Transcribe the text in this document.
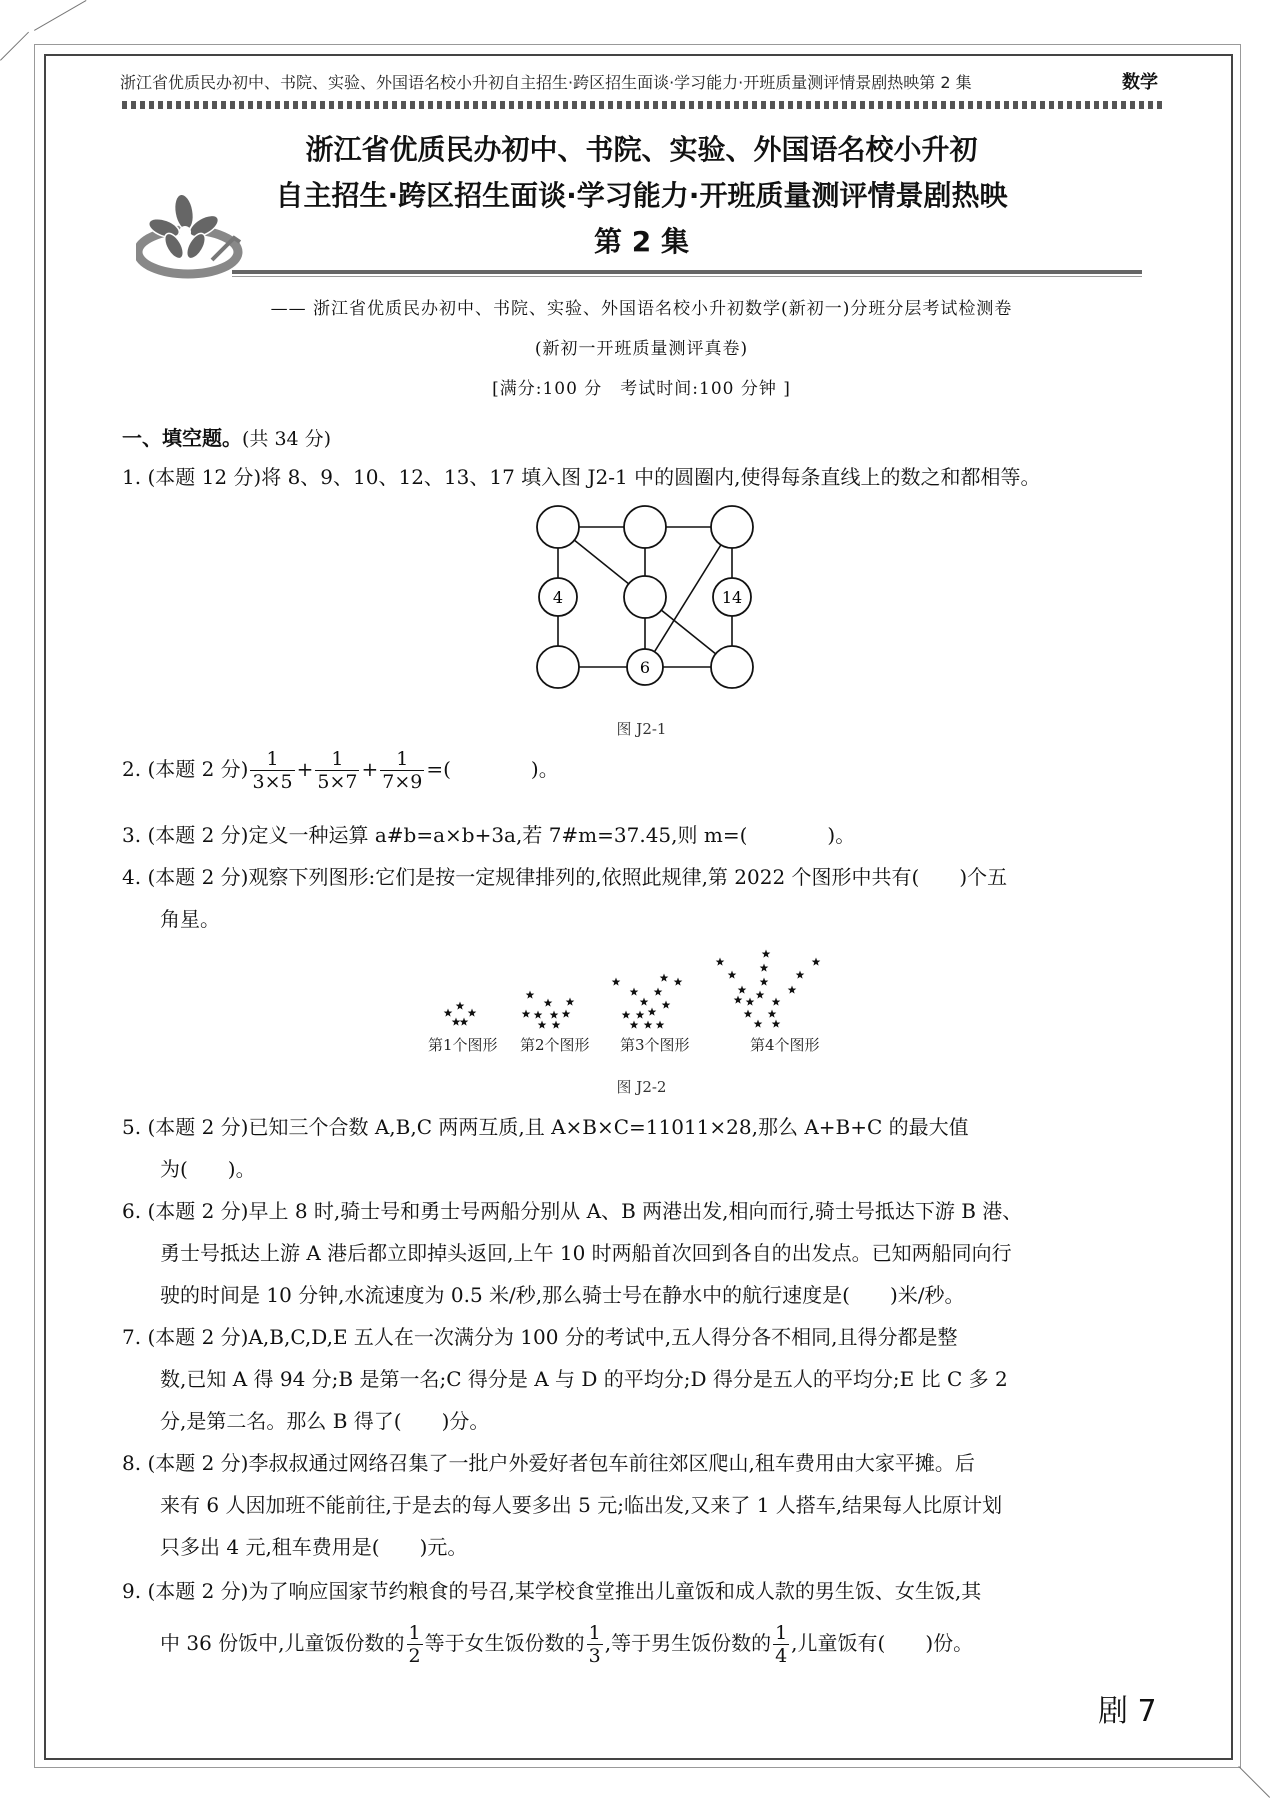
浙江省优质民办初中、书院、实验、外国语名校小升初自主招生·跨区招生面谈·学习能力·开班质量测评情景剧热映第 2 集	数学
浙江省优质民办初中、书院、实验、外国语名校小升初
自主招生·跨区招生面谈·学习能力·开班质量测评情景剧热映
第 2 集
—— 浙江省优质民办初中、书院、实验、外国语名校小升初数学(新初一)分班分层考试检测卷
(新初一开班质量测评真卷)
[满分:100 分　考试时间:100 分钟 ]
一、填空题。(共 34 分)
1. (本题 12 分)将 8、9、10、12、13、17 填入图 J2-1 中的圆圈内,使得每条直线上的数之和都相等。
4	14
6
图 J2-1
2. (本题 2 分) $\frac{1}{3\times 5} + \frac{1}{5\times 7} + \frac{1}{7\times 9}$ =(　　　　)。
3. (本题 2 分)定义一种运算 a#b=a×b+3a,若 7#m=37.45,则 m=(　　　　)。
4. (本题 2 分)观察下列图形:它们是按一定规律排列的,依照此规律,第 2022 个图形中共有(　　)个五
角星。
第1个图形 第2个图形 第3个图形	第4个图形
图 J2-2
5. (本题 2 分)已知三个合数 A,B,C 两两互质,且 A×B×C=11011×28,那么 A+B+C 的最大值
为(　　)。
6. (本题 2 分)早上 8 时,骑士号和勇士号两船分别从 A、B 两港出发,相向而行,骑士号抵达下游 B 港、
勇士号抵达上游 A 港后都立即掉头返回,上午 10 时两船首次回到各自的出发点。已知两船同向行
驶的时间是 10 分钟,水流速度为 0.5 米/秒,那么骑士号在静水中的航行速度是(　　)米/秒。
7. (本题 2 分)A,B,C,D,E 五人在一次满分为 100 分的考试中,五人得分各不相同,且得分都是整
数,已知 A 得 94 分;B 是第一名;C 得分是 A 与 D 的平均分;D 得分是五人的平均分;E 比 C 多 2
分,是第二名。那么 B 得了(　　)分。
8. (本题 2 分)李叔叔通过网络召集了一批户外爱好者包车前往郊区爬山,租车费用由大家平摊。后
来有 6 人因加班不能前往,于是去的每人要多出 5 元;临出发,又来了 1 人搭车,结果每人比原计划
只多出 4 元,租车费用是(　　)元。
9. (本题 2 分)为了响应国家节约粮食的号召,某学校食堂推出儿童饭和成人款的男生饭、女生饭,其
中 36 份饭中,儿童饭份数的 $\frac{1}{2}$ 等于女生饭份数的 $\frac{1}{3}$ ,等于男生饭份数的 $\frac{1}{4}$ ,儿童饭有(　　)份。
剧 7
